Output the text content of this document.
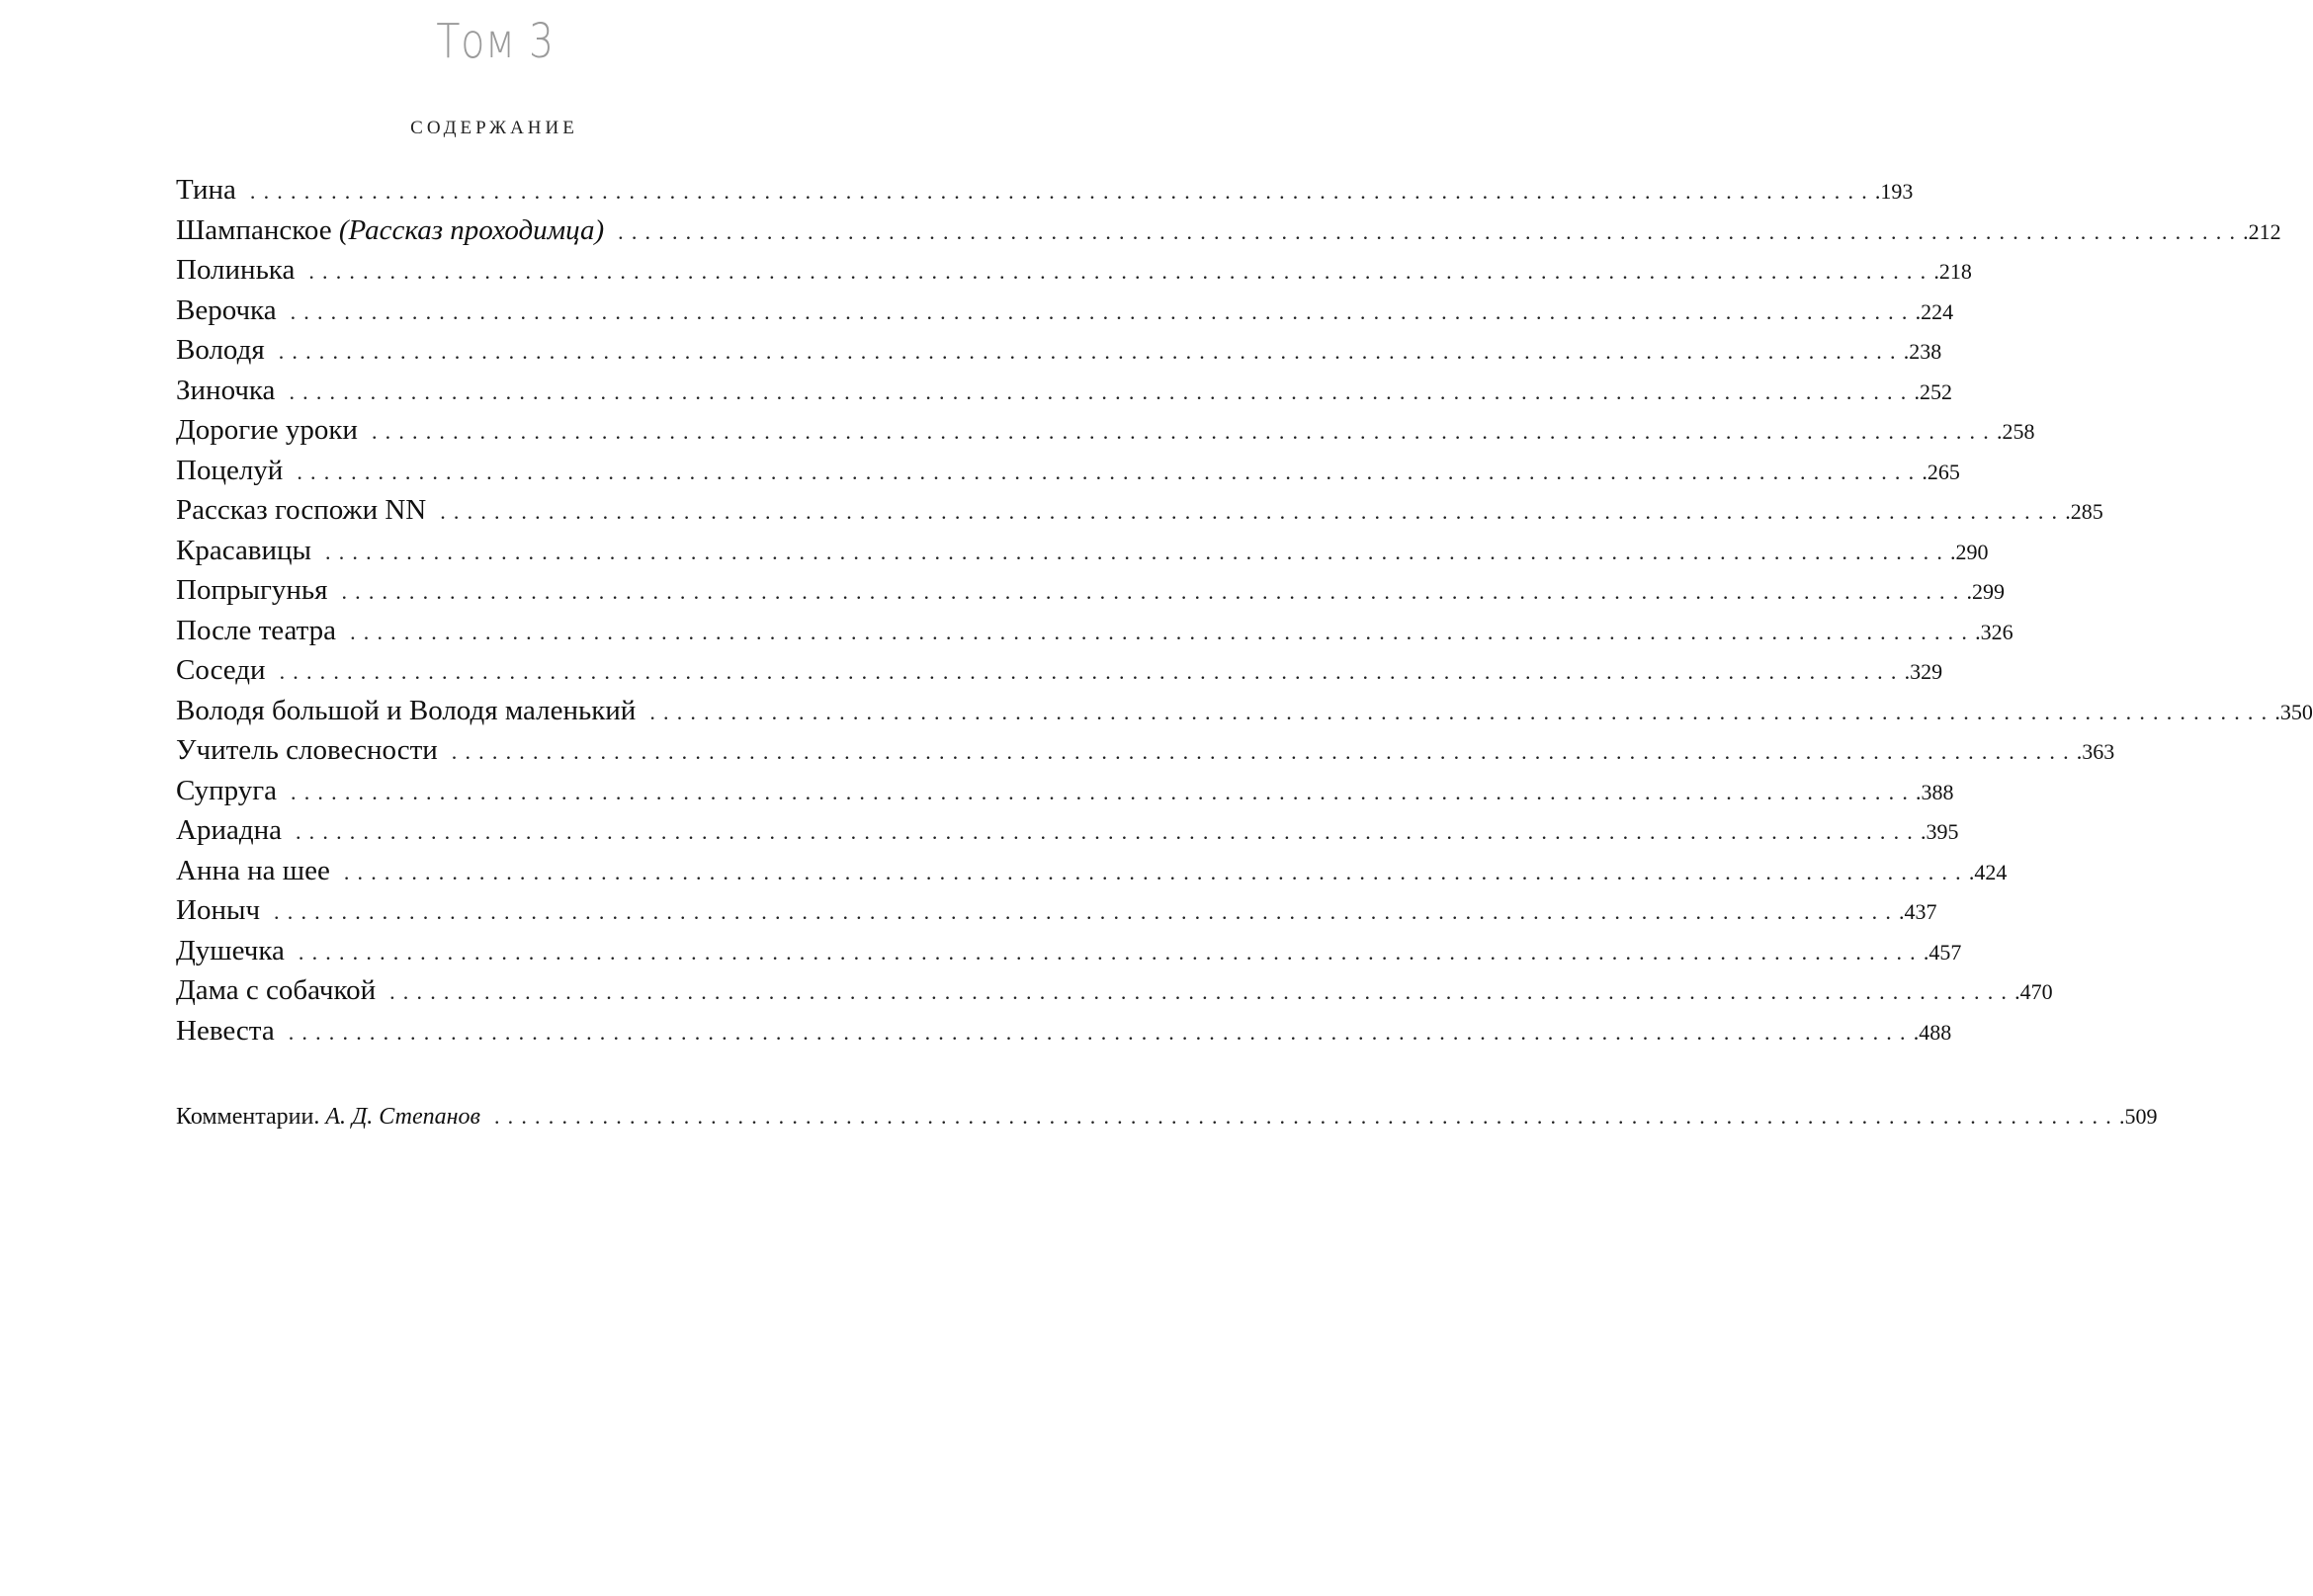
Том 3
СОДЕРЖАНИЕ
Тина ........................................................................................................................ .193
Шампанское (Рассказ проходимца) ........................................................................................................................ .212
Полинька ........................................................................................................................ .218
Верочка ........................................................................................................................ .224
Володя ........................................................................................................................ .238
Зиночка ........................................................................................................................ .252
Дорогие уроки ........................................................................................................................ .258
Поцелуй ........................................................................................................................ .265
Рассказ госпожи NN ........................................................................................................................ .285
Красавицы ........................................................................................................................ .290
Попрыгунья ........................................................................................................................ .299
После театра ........................................................................................................................ .326
Соседи ........................................................................................................................ .329
Володя большой и Володя маленький ........................................................................................................................ .350
Учитель словесности ........................................................................................................................ .363
Супруга ........................................................................................................................ .388
Ариадна ........................................................................................................................ .395
Анна на шее ........................................................................................................................ .424
Ионыч ........................................................................................................................ .437
Душечка ........................................................................................................................ .457
Дама с собачкой ........................................................................................................................ .470
Невеста ........................................................................................................................ .488
Комментарии. А. Д. Степанов ........................................................................................................................ .509
